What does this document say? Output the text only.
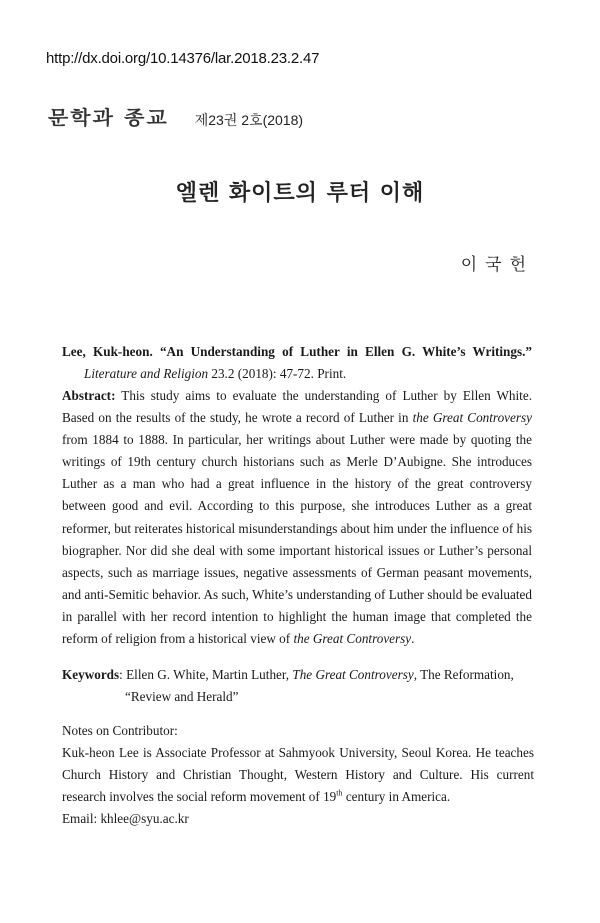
http://dx.doi.org/10.14376/lar.2018.23.2.47
문학과 종교 제23권 2호(2018)
엘렌 화이트의 루터 이해
이국헌
Lee, Kuk-heon. “An Understanding of Luther in Ellen G. White’s Writings.”
Literature and Religion 23.2 (2018): 47-72. Print.
Abstract: This study aims to evaluate the understanding of Luther by Ellen White. Based on the results of the study, he wrote a record of Luther in the Great Controversy from 1884 to 1888. In particular, her writings about Luther were made by quoting the writings of 19th century church historians such as Merle D’Aubigne. She introduces Luther as a man who had a great influence in the history of the great controversy between good and evil. According to this purpose, she introduces Luther as a great reformer, but reiterates historical misunderstandings about him under the influence of his biographer. Nor did she deal with some important historical issues or Luther’s personal aspects, such as marriage issues, negative assessments of German peasant movements, and anti-Semitic behavior. As such, White’s understanding of Luther should be evaluated in parallel with her record intention to highlight the human image that completed the reform of religion from a historical view of the Great Controversy.
Keywords: Ellen G. White, Martin Luther, The Great Controversy, The Reformation,
“Review and Herald”
Notes on Contributor:
Kuk-heon Lee is Associate Professor at Sahmyook University, Seoul Korea. He teaches Church History and Christian Thought, Western History and Culture. His current research involves the social reform movement of 19th century in America.
Email: khlee@syu.ac.kr
